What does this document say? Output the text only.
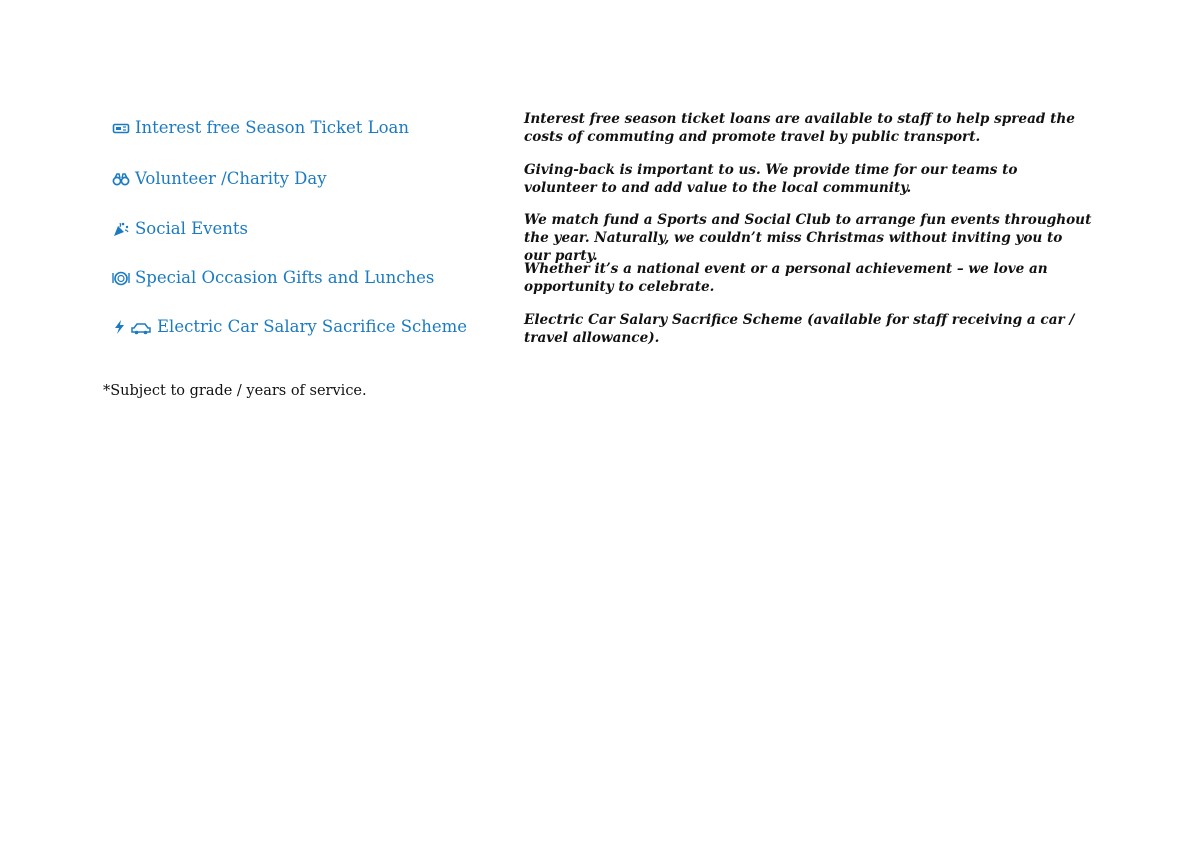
Interest free Season Ticket Loan	Interest free season ticket loans are available to staff to help spread the costs of commuting and promote travel by public transport.
Volunteer /Charity Day	Giving-back is important to us. We provide time for our teams to volunteer to and add value to the local community.
Social Events	We match fund a Sports and Social Club to arrange fun events throughout the year. Naturally, we couldn’t miss Christmas without inviting you to our party.
Special Occasion Gifts and Lunches	Whether it’s a national event or a personal achievement – we love an opportunity to celebrate.
Electric Car Salary Sacrifice Scheme	Electric Car Salary Sacrifice Scheme (available for staff receiving a car / travel allowance).
*Subject to grade / years of service.
